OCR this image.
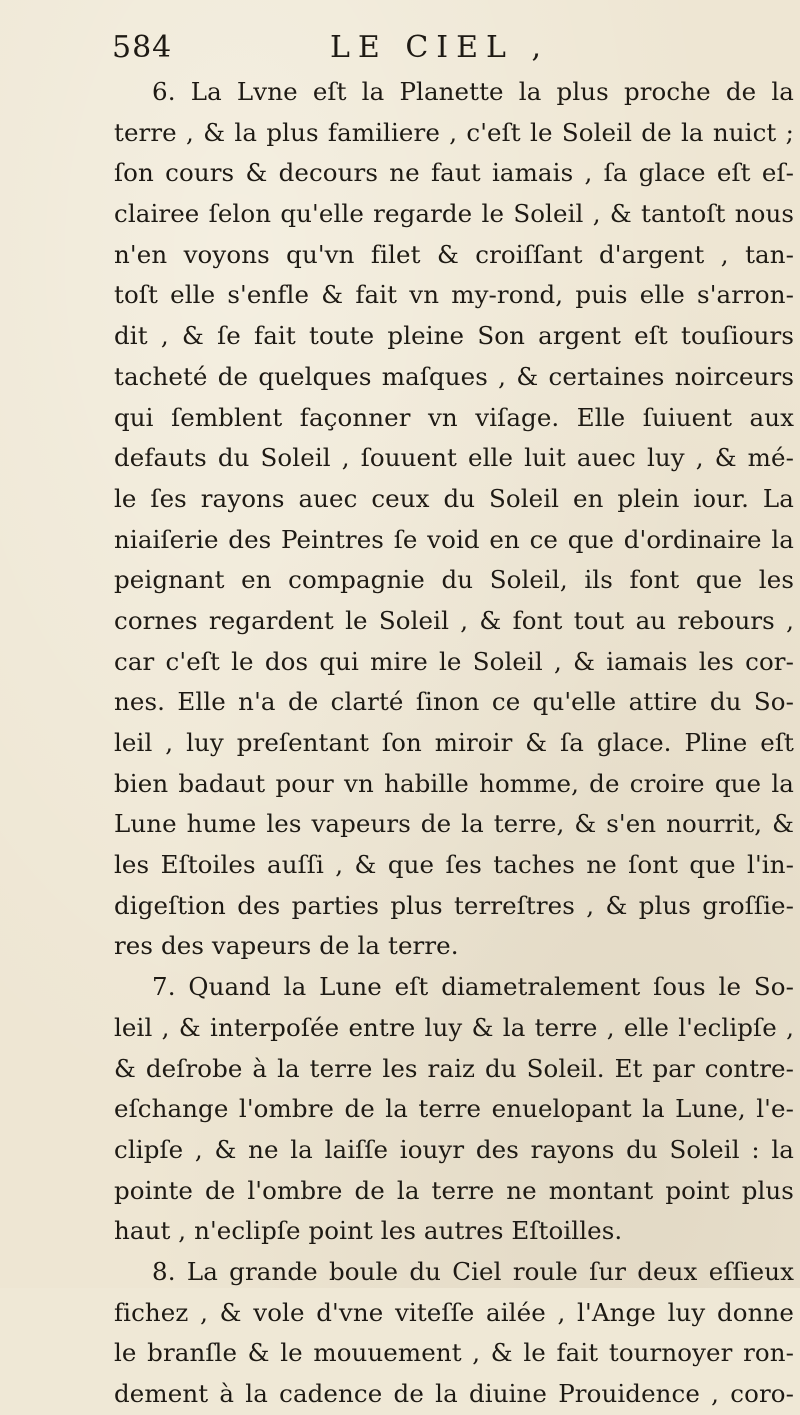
584	LE CIEL ,
6. La Lvne eſt la Planette la plus proche de la
terre , & la plus familiere , c'eſt le Soleil de la nuict ;
ſon cours & decours ne faut iamais , ſa glace eſt eſ-
clairee ſelon qu'elle regarde le Soleil , & tantoſt nous
n'en voyons qu'vn filet & croiſſant d'argent , tan-
toſt elle s'enfle & fait vn my-rond, puis elle s'arron-
dit , & ſe fait toute pleine Son argent eſt touſiours
tacheté de quelques maſques , & certaines noirceurs
qui ſemblent façonner vn viſage. Elle ſuiuent aux
defauts du Soleil , ſouuent elle luit auec luy , & mé-
le ſes rayons auec ceux du Soleil en plein iour. La
niaiſerie des Peintres ſe void en ce que d'ordinaire la
peignant en compagnie du Soleil, ils font que les
cornes regardent le Soleil , & font tout au rebours ,
car c'eſt le dos qui mire le Soleil , & iamais les cor-
nes. Elle n'a de clarté ſinon ce qu'elle attire du So-
leil , luy preſentant ſon miroir & ſa glace. Pline eſt
bien badaut pour vn habille homme, de croire que la
Lune hume les vapeurs de la terre, & s'en nourrit, &
les Eſtoiles auſſi , & que ſes taches ne ſont que l'in-
digeſtion des parties plus terreſtres , & plus groſſie-
res des vapeurs de la terre.
7. Quand la Lune eſt diametralement ſous le So-
leil , & interpoſée entre luy & la terre , elle l'eclipſe ,
& deſrobe à la terre les raiz du Soleil. Et par contre-
eſchange l'ombre de la terre enuelopant la Lune, l'e-
clipſe , & ne la laiſſe iouyr des rayons du Soleil : la
pointe de l'ombre de la terre ne montant point plus
haut , n'eclipſe point les autres Eſtoilles.
8. La grande boule du Ciel roule ſur deux eſſieux
fichez , & vole d'vne viteſſe ailée , l'Ange luy donne
le branſle & le mouuement , & le fait tournoyer ron-
dement à la cadence de la diuine Prouidence , coro-
